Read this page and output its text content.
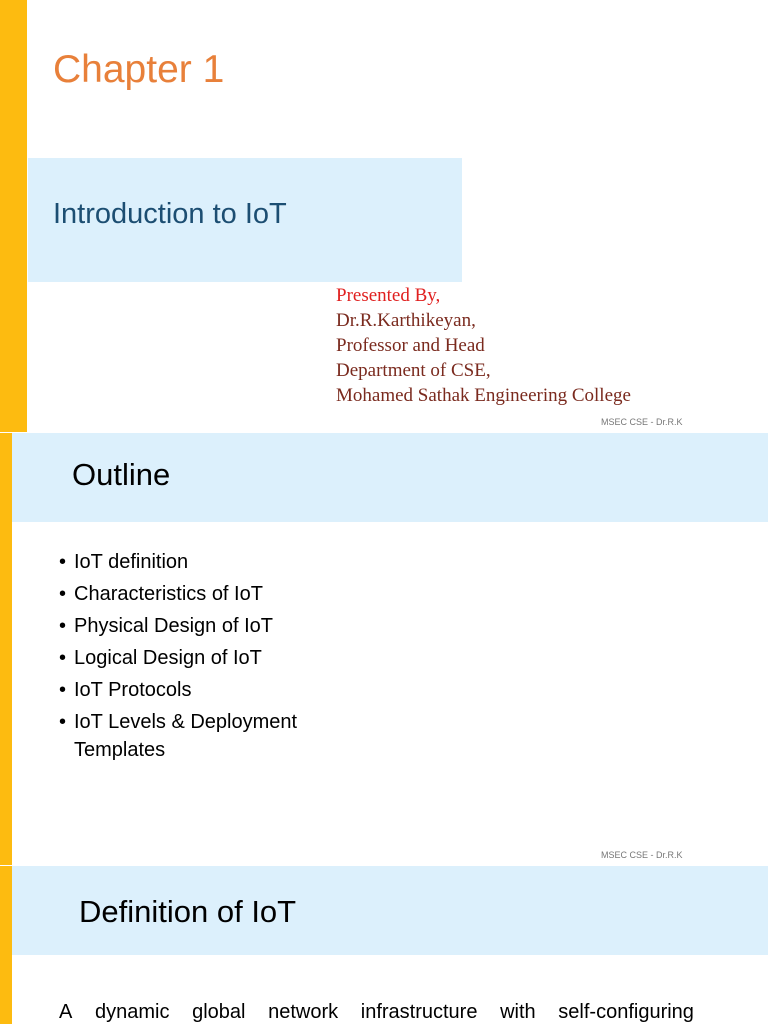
Chapter 1
Introduction to IoT
Presented By,
Dr.R.Karthikeyan,
Professor and Head
Department of CSE,
Mohamed Sathak Engineering College
MSEC CSE - Dr.R.K
Outline
• IoT definition
• Characteristics of IoT
• Physical Design of IoT
• Logical Design of IoT
• IoT Protocols
• IoT Levels & Deployment Templates
MSEC CSE - Dr.R.K
Definition of IoT
A dynamic global network infrastructure with self-configuring
